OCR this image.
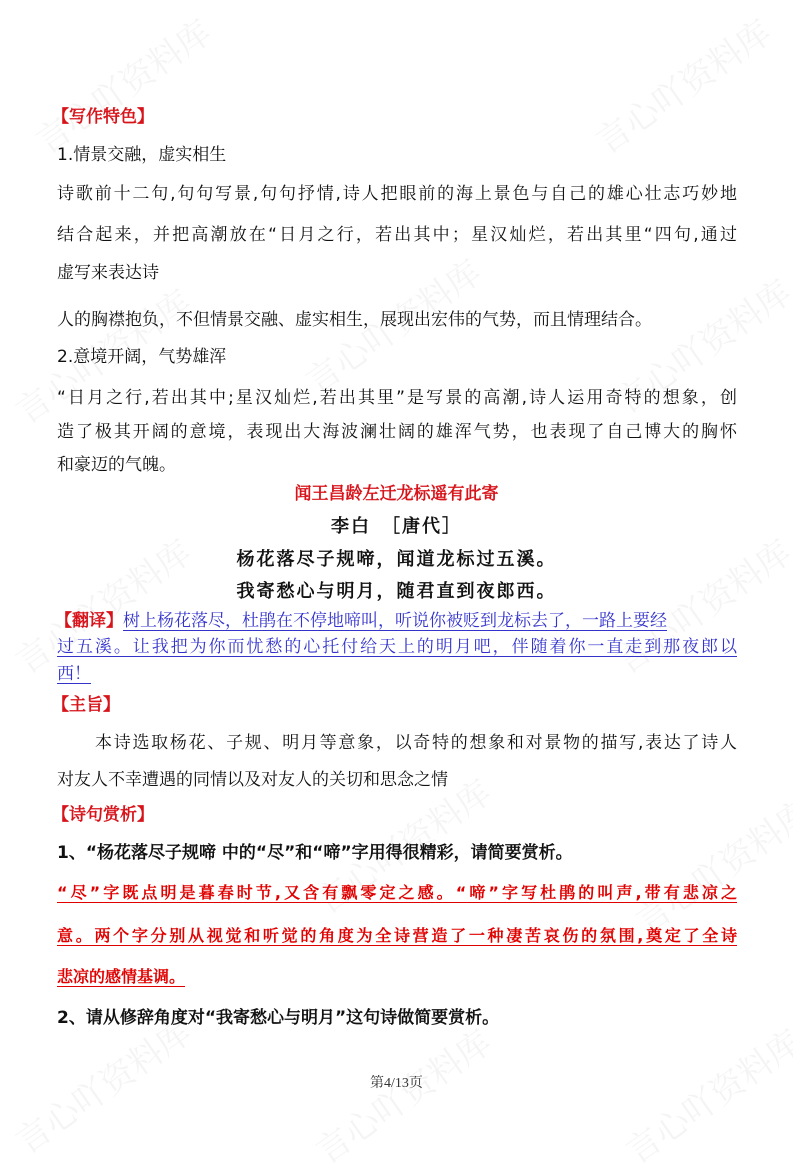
【写作特色】
1.情景交融，虚实相生
诗歌前十二句,句句写景,句句抒情,诗人把眼前的海上景色与自己的雄心壮志巧妙地
结合起来，并把高潮放在“日月之行，若出其中；星汉灿烂，若出其里“四句,通过
虚写来表达诗
人的胸襟抱负，不但情景交融、虚实相生，展现出宏伟的气势，而且情理结合。
2.意境开阔，气势雄浑
“日月之行,若出其中;星汉灿烂,若出其里”是写景的高潮,诗人运用奇特的想象，创
造了极其开阔的意境，表现出大海波澜壮阔的雄浑气势，也表现了自己博大的胸怀
和豪迈的气魄。
闻王昌龄左迁龙标遥有此寄
李白　［唐代］
杨花落尽子规啼，闻道龙标过五溪。
我寄愁心与明月，随君直到夜郎西。
【翻译】树上杨花落尽，杜鹃在不停地啼叫，听说你被贬到龙标去了，一路上要经
过五溪。让我把为你而忧愁的心托付给天上的明月吧，伴随着你一直走到那夜郎以
西！
【主旨】
本诗选取杨花、子规、明月等意象，以奇特的想象和对景物的描写,表达了诗人
对友人不幸遭遇的同情以及对友人的关切和思念之情
【诗句赏析】
1、“杨花落尽子规啼 中的“尽”和“啼”字用得很精彩，请简要赏析。
“尽”字既点明是暮春时节,又含有飘零定之感。“啼”字写杜鹃的叫声,带有悲凉之
意。两个字分别从视觉和听觉的角度为全诗营造了一种凄苦哀伤的氛围,奠定了全诗
悲凉的感情基调。
2、请从修辞角度对“我寄愁心与明月”这句诗做简要赏析。
第4/13页
